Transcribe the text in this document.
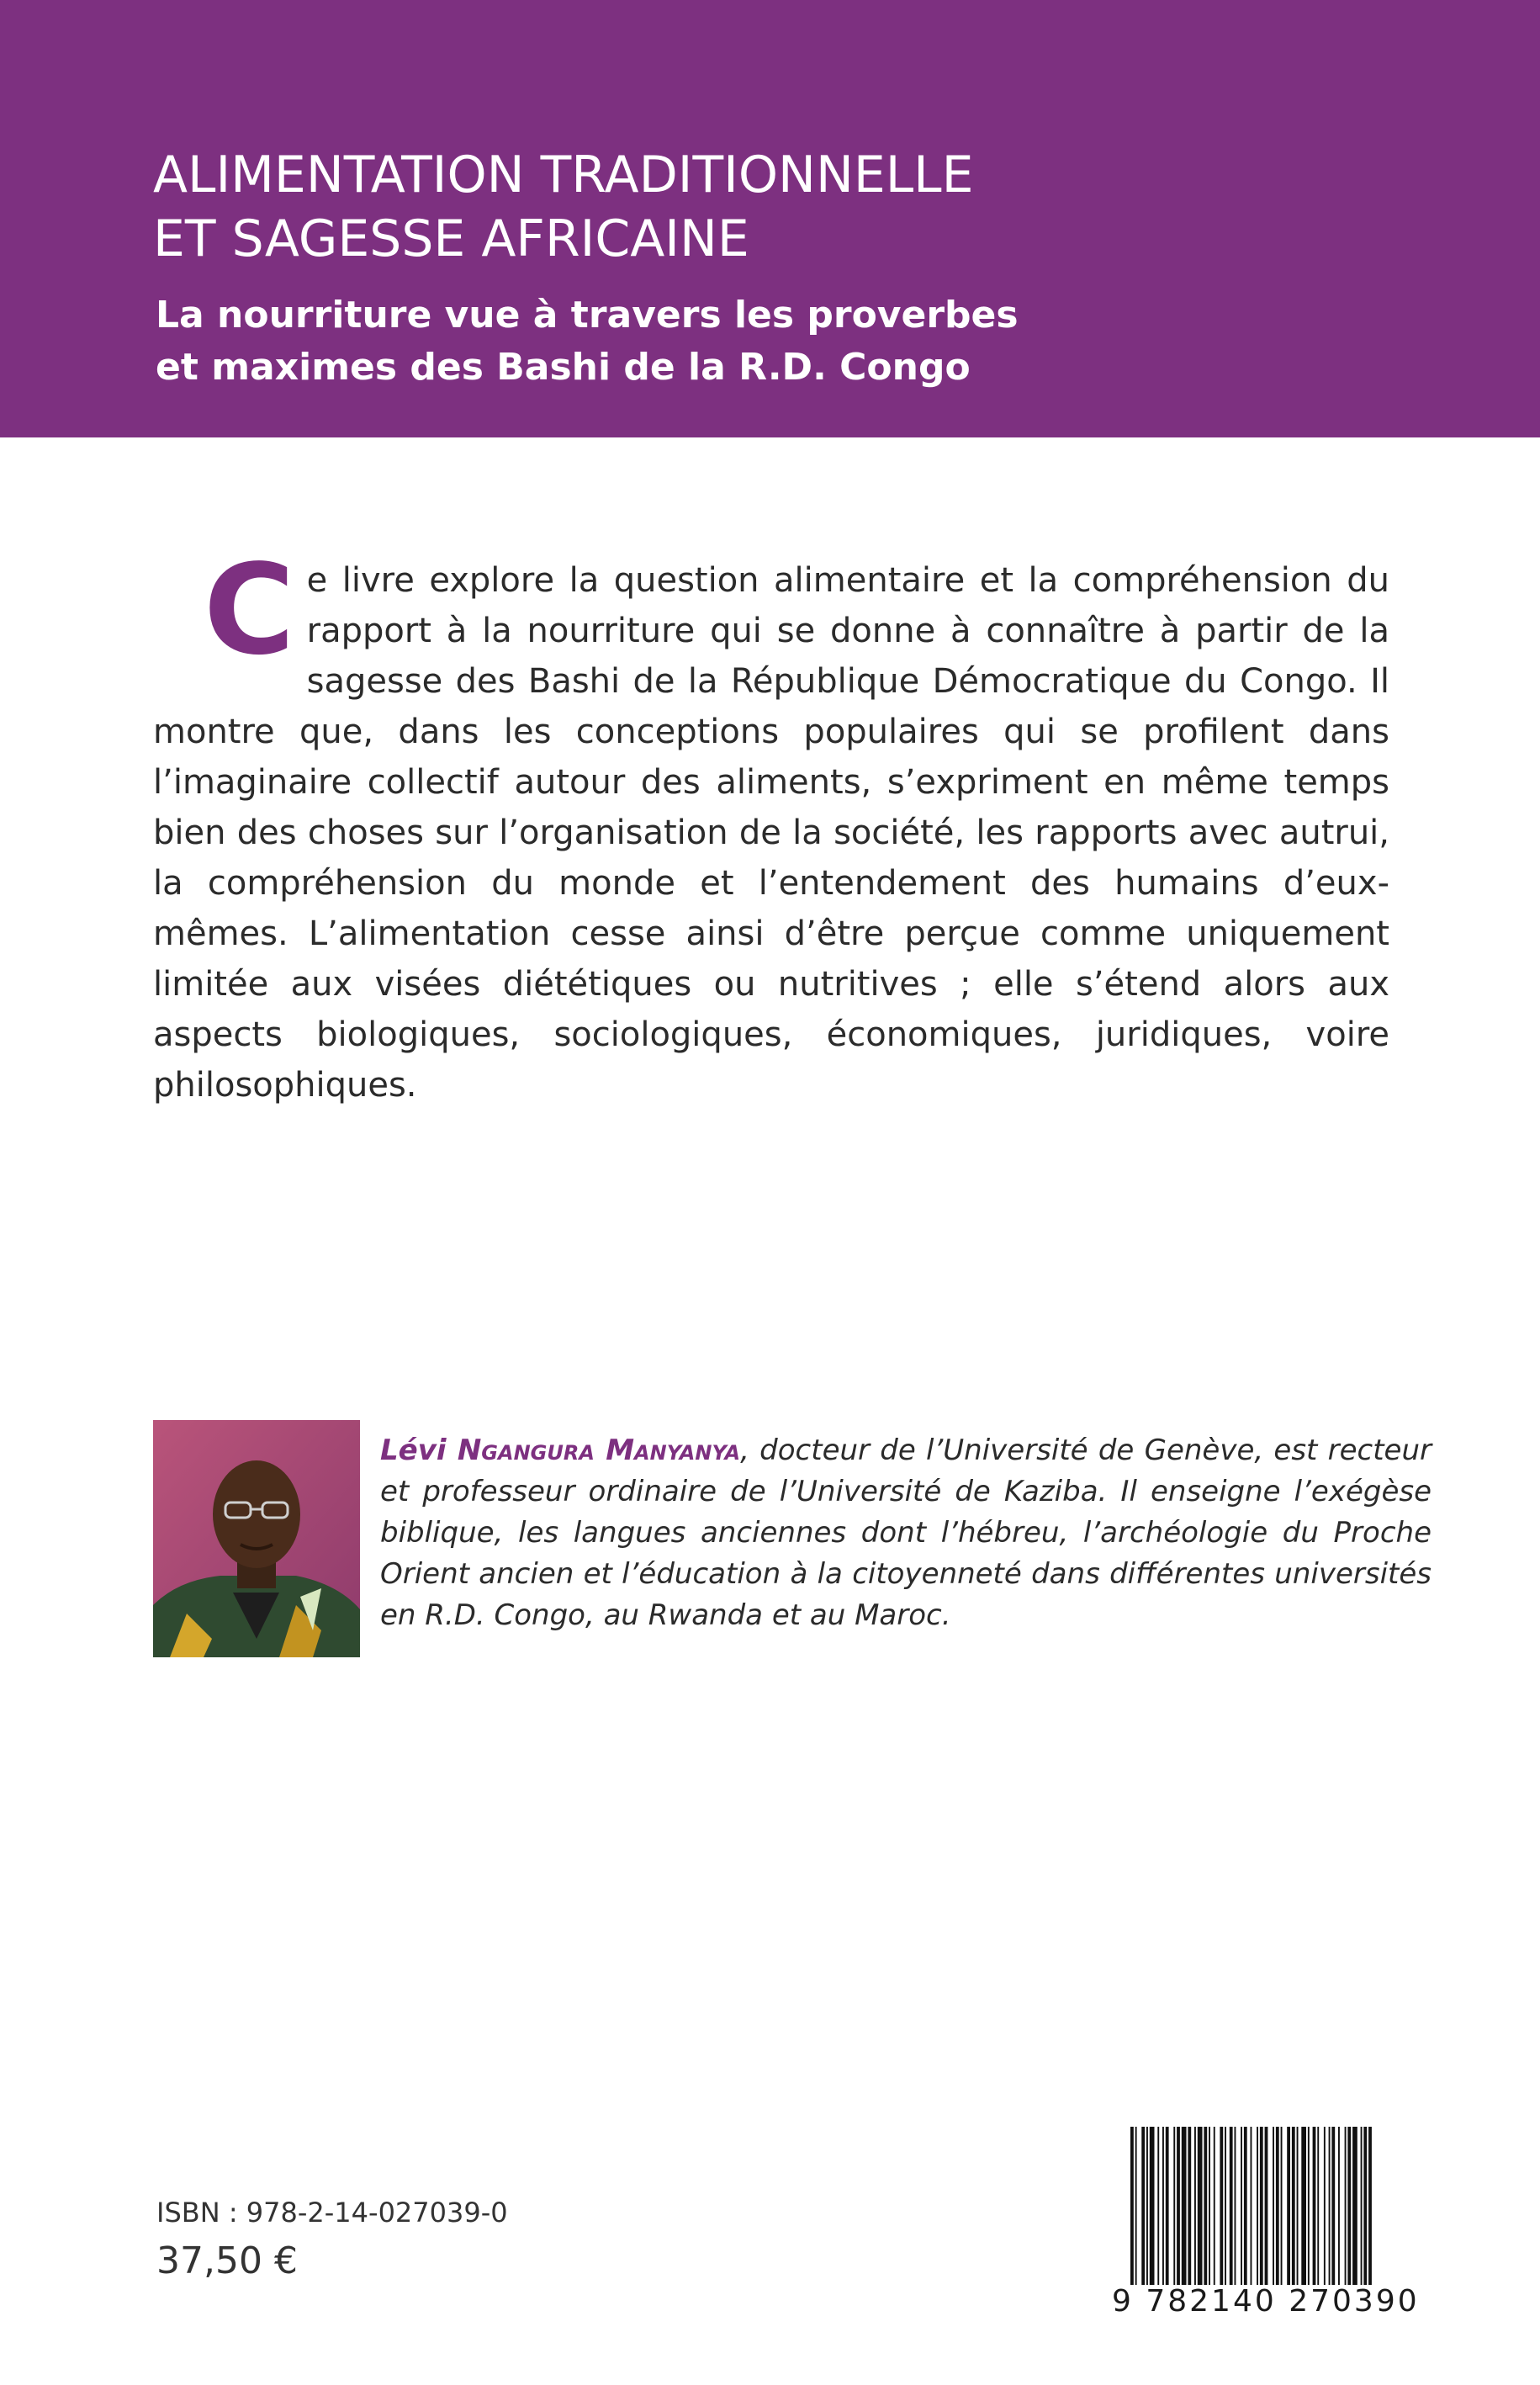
ALIMENTATION TRADITIONNELLE
ET SAGESSE AFRICAINE
La nourriture vue à travers les proverbes
et maximes des Bashi de la R.D. Congo

Ce livre explore la question alimentaire et la compréhension du rapport à la nourriture qui se donne à connaître à partir de la sagesse des Bashi de la République Démocratique du Congo. Il montre que, dans les conceptions populaires qui se profilent dans l’imaginaire collectif autour des aliments, s’expriment en même temps bien des choses sur l’organisation de la société, les rapports avec autrui, la compréhension du monde et l’entendement des humains d’eux-mêmes. L’alimentation cesse ainsi d’être perçue comme uniquement limitée aux visées diététiques ou nutritives ; elle s’étend alors aux aspects biologiques, sociologiques, économiques, juridiques, voire philosophiques.

Lévi Ngangura Manyanya, docteur de l’Université de Genève, est recteur et professeur ordinaire de l’Université de Kaziba. Il enseigne l’exégèse biblique, les langues anciennes dont l’hébreu, l’archéologie du Proche Orient ancien et l’éducation à la citoyenneté dans différentes universités en R.D. Congo, au Rwanda et au Maroc.

ISBN : 978-2-14-027039-0

37,50 €

9 782140 270390
